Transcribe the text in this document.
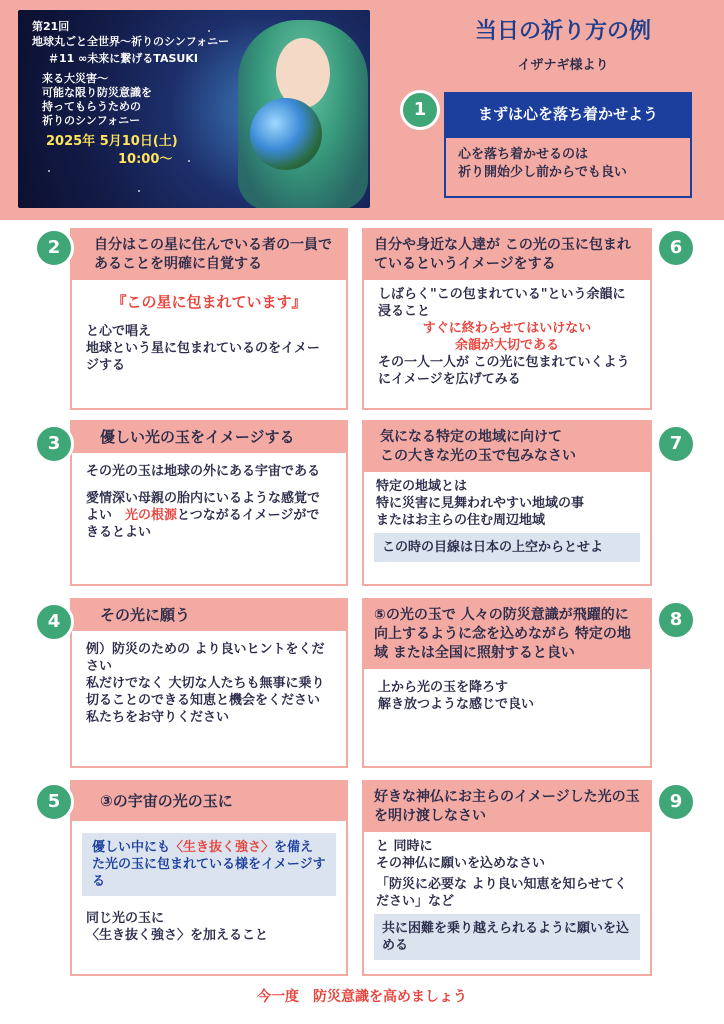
第21回
地球丸ごと全世界〜祈りのシンフォニー
＃11 ∞未来に繋げるTASUKI
来る大災害〜
可能な限り防災意識を
持ってもらうための
祈りのシンフォニー
2025年 5月10日(土)
10:00〜
当日の祈り方の例
イザナギ様より
1	まずは心を落ち着かせよう
心を落ち着かせるのは
祈り開始少し前からでも良い
自分はこの星に住んでいる者の一員であることを明確に自覚する
『この星に包まれています』
と心で唱え
地球という星に包まれているのをイメージする
2
優しい光の玉をイメージする
その光の玉は地球の外にある宇宙である
愛情深い母親の胎内にいるような感覚でよい　光の根源とつながるイメージができるとよい
3
その光に願う
例）防災のための より良いヒントをください
私だけでなく 大切な人たちも無事に乗り切ることのできる知恵と機会をください
私たちをお守りください
4
③の宇宙の光の玉に
優しい中にも〈生き抜く強さ〉を備えた光の玉に包まれている様をイメージする
同じ光の玉に
〈生き抜く強さ〉を加えること
5
自分や身近な人達が この光の玉に包まれているというイメージをする
しばらく"この包まれている"という余韻に浸ること
すぐに終わらせてはいけない
余韻が大切である
その一人一人が この光に包まれていくようにイメージを広げてみる
6
気になる特定の地域に向けて
この大きな光の玉で包みなさい
特定の地域とは
特に災害に見舞われやすい地域の事
またはお主らの住む周辺地域
この時の目線は日本の上空からとせよ
7
⑤の光の玉で 人々の防災意識が飛躍的に向上するように念を込めながら 特定の地域 または全国に照射すると良い
上から光の玉を降ろす
解き放つような感じで良い
8
好きな神仏にお主らのイメージした光の玉を明け渡しなさい
と 同時に
その神仏に願いを込めなさい
「防災に必要な より良い知恵を知らせてください」など
共に困難を乗り越えられるように願いを込める
9
今一度　防災意識を高めましょう
